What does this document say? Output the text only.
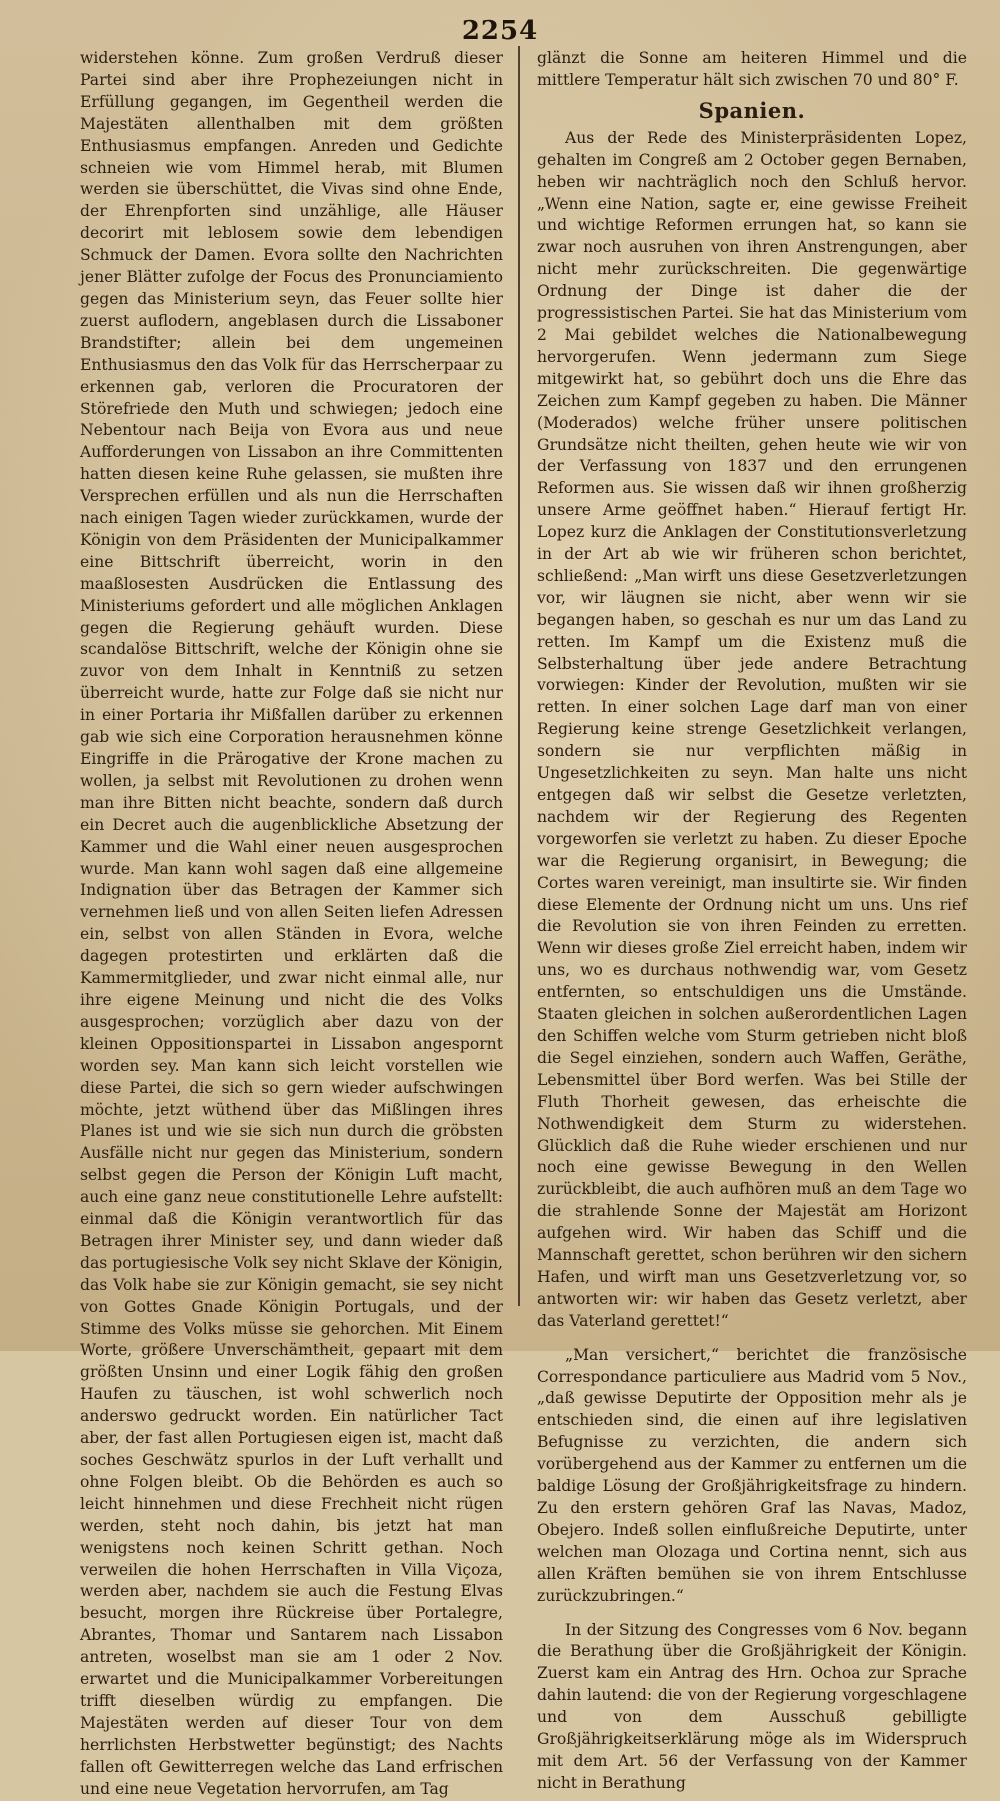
2254

widerstehen könne. Zum großen Verdruß dieser Partei sind aber ihre Prophezeiungen nicht in Erfüllung gegangen, im Gegentheil werden die Majestäten allenthalben mit dem größten Enthusiasmus empfangen. Anreden und Gedichte schneien wie vom Himmel herab, mit Blumen werden sie überschüttet, die Vivas sind ohne Ende, der Ehrenpforten sind unzählige, alle Häuser decorirt mit leblosem sowie dem lebendigen Schmuck der Damen. Evora sollte den Nachrichten jener Blätter zufolge der Focus des Pronunciamiento gegen das Ministerium seyn, das Feuer sollte hier zuerst auflodern, angeblasen durch die Lissaboner Brandstifter; allein bei dem ungemeinen Enthusiasmus den das Volk für das Herrscherpaar zu erkennen gab, verloren die Procuratoren der Störefriede den Muth und schwiegen; jedoch eine Nebentour nach Beija von Evora aus und neue Aufforderungen von Lissabon an ihre Committenten hatten diesen keine Ruhe gelassen, sie mußten ihre Versprechen erfüllen und als nun die Herrschaften nach einigen Tagen wieder zurückkamen, wurde der Königin von dem Präsidenten der Municipalkammer eine Bittschrift überreicht, worin in den maaßlosesten Ausdrücken die Entlassung des Ministeriums gefordert und alle möglichen Anklagen gegen die Regierung gehäuft wurden. Diese scandalöse Bittschrift, welche der Königin ohne sie zuvor von dem Inhalt in Kenntniß zu setzen überreicht wurde, hatte zur Folge daß sie nicht nur in einer Portaria ihr Mißfallen darüber zu erkennen gab wie sich eine Corporation herausnehmen könne Eingriffe in die Prärogative der Krone machen zu wollen, ja selbst mit Revolutionen zu drohen wenn man ihre Bitten nicht beachte, sondern daß durch ein Decret auch die augenblickliche Absetzung der Kammer und die Wahl einer neuen ausgesprochen wurde. Man kann wohl sagen daß eine allgemeine Indignation über das Betragen der Kammer sich vernehmen ließ und von allen Seiten liefen Adressen ein, selbst von allen Ständen in Evora, welche dagegen protestirten und erklärten daß die Kammermitglieder, und zwar nicht einmal alle, nur ihre eigene Meinung und nicht die des Volks ausgesprochen; vorzüglich aber dazu von der kleinen Oppositionspartei in Lissabon angespornt worden sey. Man kann sich leicht vorstellen wie diese Partei, die sich so gern wieder aufschwingen möchte, jetzt wüthend über das Mißlingen ihres Planes ist und wie sie sich nun durch die gröbsten Ausfälle nicht nur gegen das Ministerium, sondern selbst gegen die Person der Königin Luft macht, auch eine ganz neue constitutionelle Lehre aufstellt: einmal daß die Königin verantwortlich für das Betragen ihrer Minister sey, und dann wieder daß das portugiesische Volk sey nicht Sklave der Königin, das Volk habe sie zur Königin gemacht, sie sey nicht von Gottes Gnade Königin Portugals, und der Stimme des Volks müsse sie gehorchen. Mit Einem Worte, größere Unverschämtheit, gepaart mit dem größten Unsinn und einer Logik fähig den großen Haufen zu täuschen, ist wohl schwerlich noch anderswo gedruckt worden. Ein natürlicher Tact aber, der fast allen Portugiesen eigen ist, macht daß soches Geschwätz spurlos in der Luft verhallt und ohne Folgen bleibt. Ob die Behörden es auch so leicht hinnehmen und diese Frechheit nicht rügen werden, steht noch dahin, bis jetzt hat man wenigstens noch keinen Schritt gethan. Noch verweilen die hohen Herrschaften in Villa Viçoza, werden aber, nachdem sie auch die Festung Elvas besucht, morgen ihre Rückreise über Portalegre, Abrantes, Thomar und Santarem nach Lissabon antreten, woselbst man sie am 1 oder 2 Nov. erwartet und die Municipalkammer Vorbereitungen trifft dieselben würdig zu empfangen. Die Majestäten werden auf dieser Tour von dem herrlichsten Herbstwetter begünstigt; des Nachts fallen oft Gewitterregen welche das Land erfrischen und eine neue Vegetation hervorrufen, am Tag

glänzt die Sonne am heiteren Himmel und die mittlere Temperatur hält sich zwischen 70 und 80° F.

Spanien.

Aus der Rede des Ministerpräsidenten Lopez, gehalten im Congreß am 2 October gegen Bernaben, heben wir nachträglich noch den Schluß hervor. „Wenn eine Nation, sagte er, eine gewisse Freiheit und wichtige Reformen errungen hat, so kann sie zwar noch ausruhen von ihren Anstrengungen, aber nicht mehr zurückschreiten. Die gegenwärtige Ordnung der Dinge ist daher die der progressistischen Partei. Sie hat das Ministerium vom 2 Mai gebildet welches die Nationalbewegung hervorgerufen. Wenn jedermann zum Siege mitgewirkt hat, so gebührt doch uns die Ehre das Zeichen zum Kampf gegeben zu haben. Die Männer (Moderados) welche früher unsere politischen Grundsätze nicht theilten, gehen heute wie wir von der Verfassung von 1837 und den errungenen Reformen aus. Sie wissen daß wir ihnen großherzig unsere Arme geöffnet haben.“ Hierauf fertigt Hr. Lopez kurz die Anklagen der Constitutionsverletzung in der Art ab wie wir früheren schon berichtet, schließend: „Man wirft uns diese Gesetzverletzungen vor, wir läugnen sie nicht, aber wenn wir sie begangen haben, so geschah es nur um das Land zu retten. Im Kampf um die Existenz muß die Selbsterhaltung über jede andere Betrachtung vorwiegen: Kinder der Revolution, mußten wir sie retten. In einer solchen Lage darf man von einer Regierung keine strenge Gesetzlichkeit verlangen, sondern sie nur verpflichten mäßig in Ungesetzlichkeiten zu seyn. Man halte uns nicht entgegen daß wir selbst die Gesetze verletzten, nachdem wir der Regierung des Regenten vorgeworfen sie verletzt zu haben. Zu dieser Epoche war die Regierung organisirt, in Bewegung; die Cortes waren vereinigt, man insultirte sie. Wir finden diese Elemente der Ordnung nicht um uns. Uns rief die Revolution sie von ihren Feinden zu erretten. Wenn wir dieses große Ziel erreicht haben, indem wir uns, wo es durchaus nothwendig war, vom Gesetz entfernten, so entschuldigen uns die Umstände. Staaten gleichen in solchen außerordentlichen Lagen den Schiffen welche vom Sturm getrieben nicht bloß die Segel einziehen, sondern auch Waffen, Geräthe, Lebensmittel über Bord werfen. Was bei Stille der Fluth Thorheit gewesen, das erheischte die Nothwendigkeit dem Sturm zu widerstehen. Glücklich daß die Ruhe wieder erschienen und nur noch eine gewisse Bewegung in den Wellen zurückbleibt, die auch aufhören muß an dem Tage wo die strahlende Sonne der Majestät am Horizont aufgehen wird. Wir haben das Schiff und die Mannschaft gerettet, schon berühren wir den sichern Hafen, und wirft man uns Gesetzverletzung vor, so antworten wir: wir haben das Gesetz verletzt, aber das Vaterland gerettet!“

„Man versichert,“ berichtet die französische Correspondance particuliere aus Madrid vom 5 Nov., „daß gewisse Deputirte der Opposition mehr als je entschieden sind, die einen auf ihre legislativen Befugnisse zu verzichten, die andern sich vorübergehend aus der Kammer zu entfernen um die baldige Lösung der Großjährigkeitsfrage zu hindern. Zu den erstern gehören Graf las Navas, Madoz, Obejero. Indeß sollen einflußreiche Deputirte, unter welchen man Olozaga und Cortina nennt, sich aus allen Kräften bemühen sie von ihrem Entschlusse zurückzubringen.“

In der Sitzung des Congresses vom 6 Nov. begann die Berathung über die Großjährigkeit der Königin. Zuerst kam ein Antrag des Hrn. Ochoa zur Sprache dahin lautend: die von der Regierung vorgeschlagene und von dem Ausschuß gebilligte Großjährigkeitserklärung möge als im Widerspruch mit dem Art. 56 der Verfassung von der Kammer nicht in Berathung
